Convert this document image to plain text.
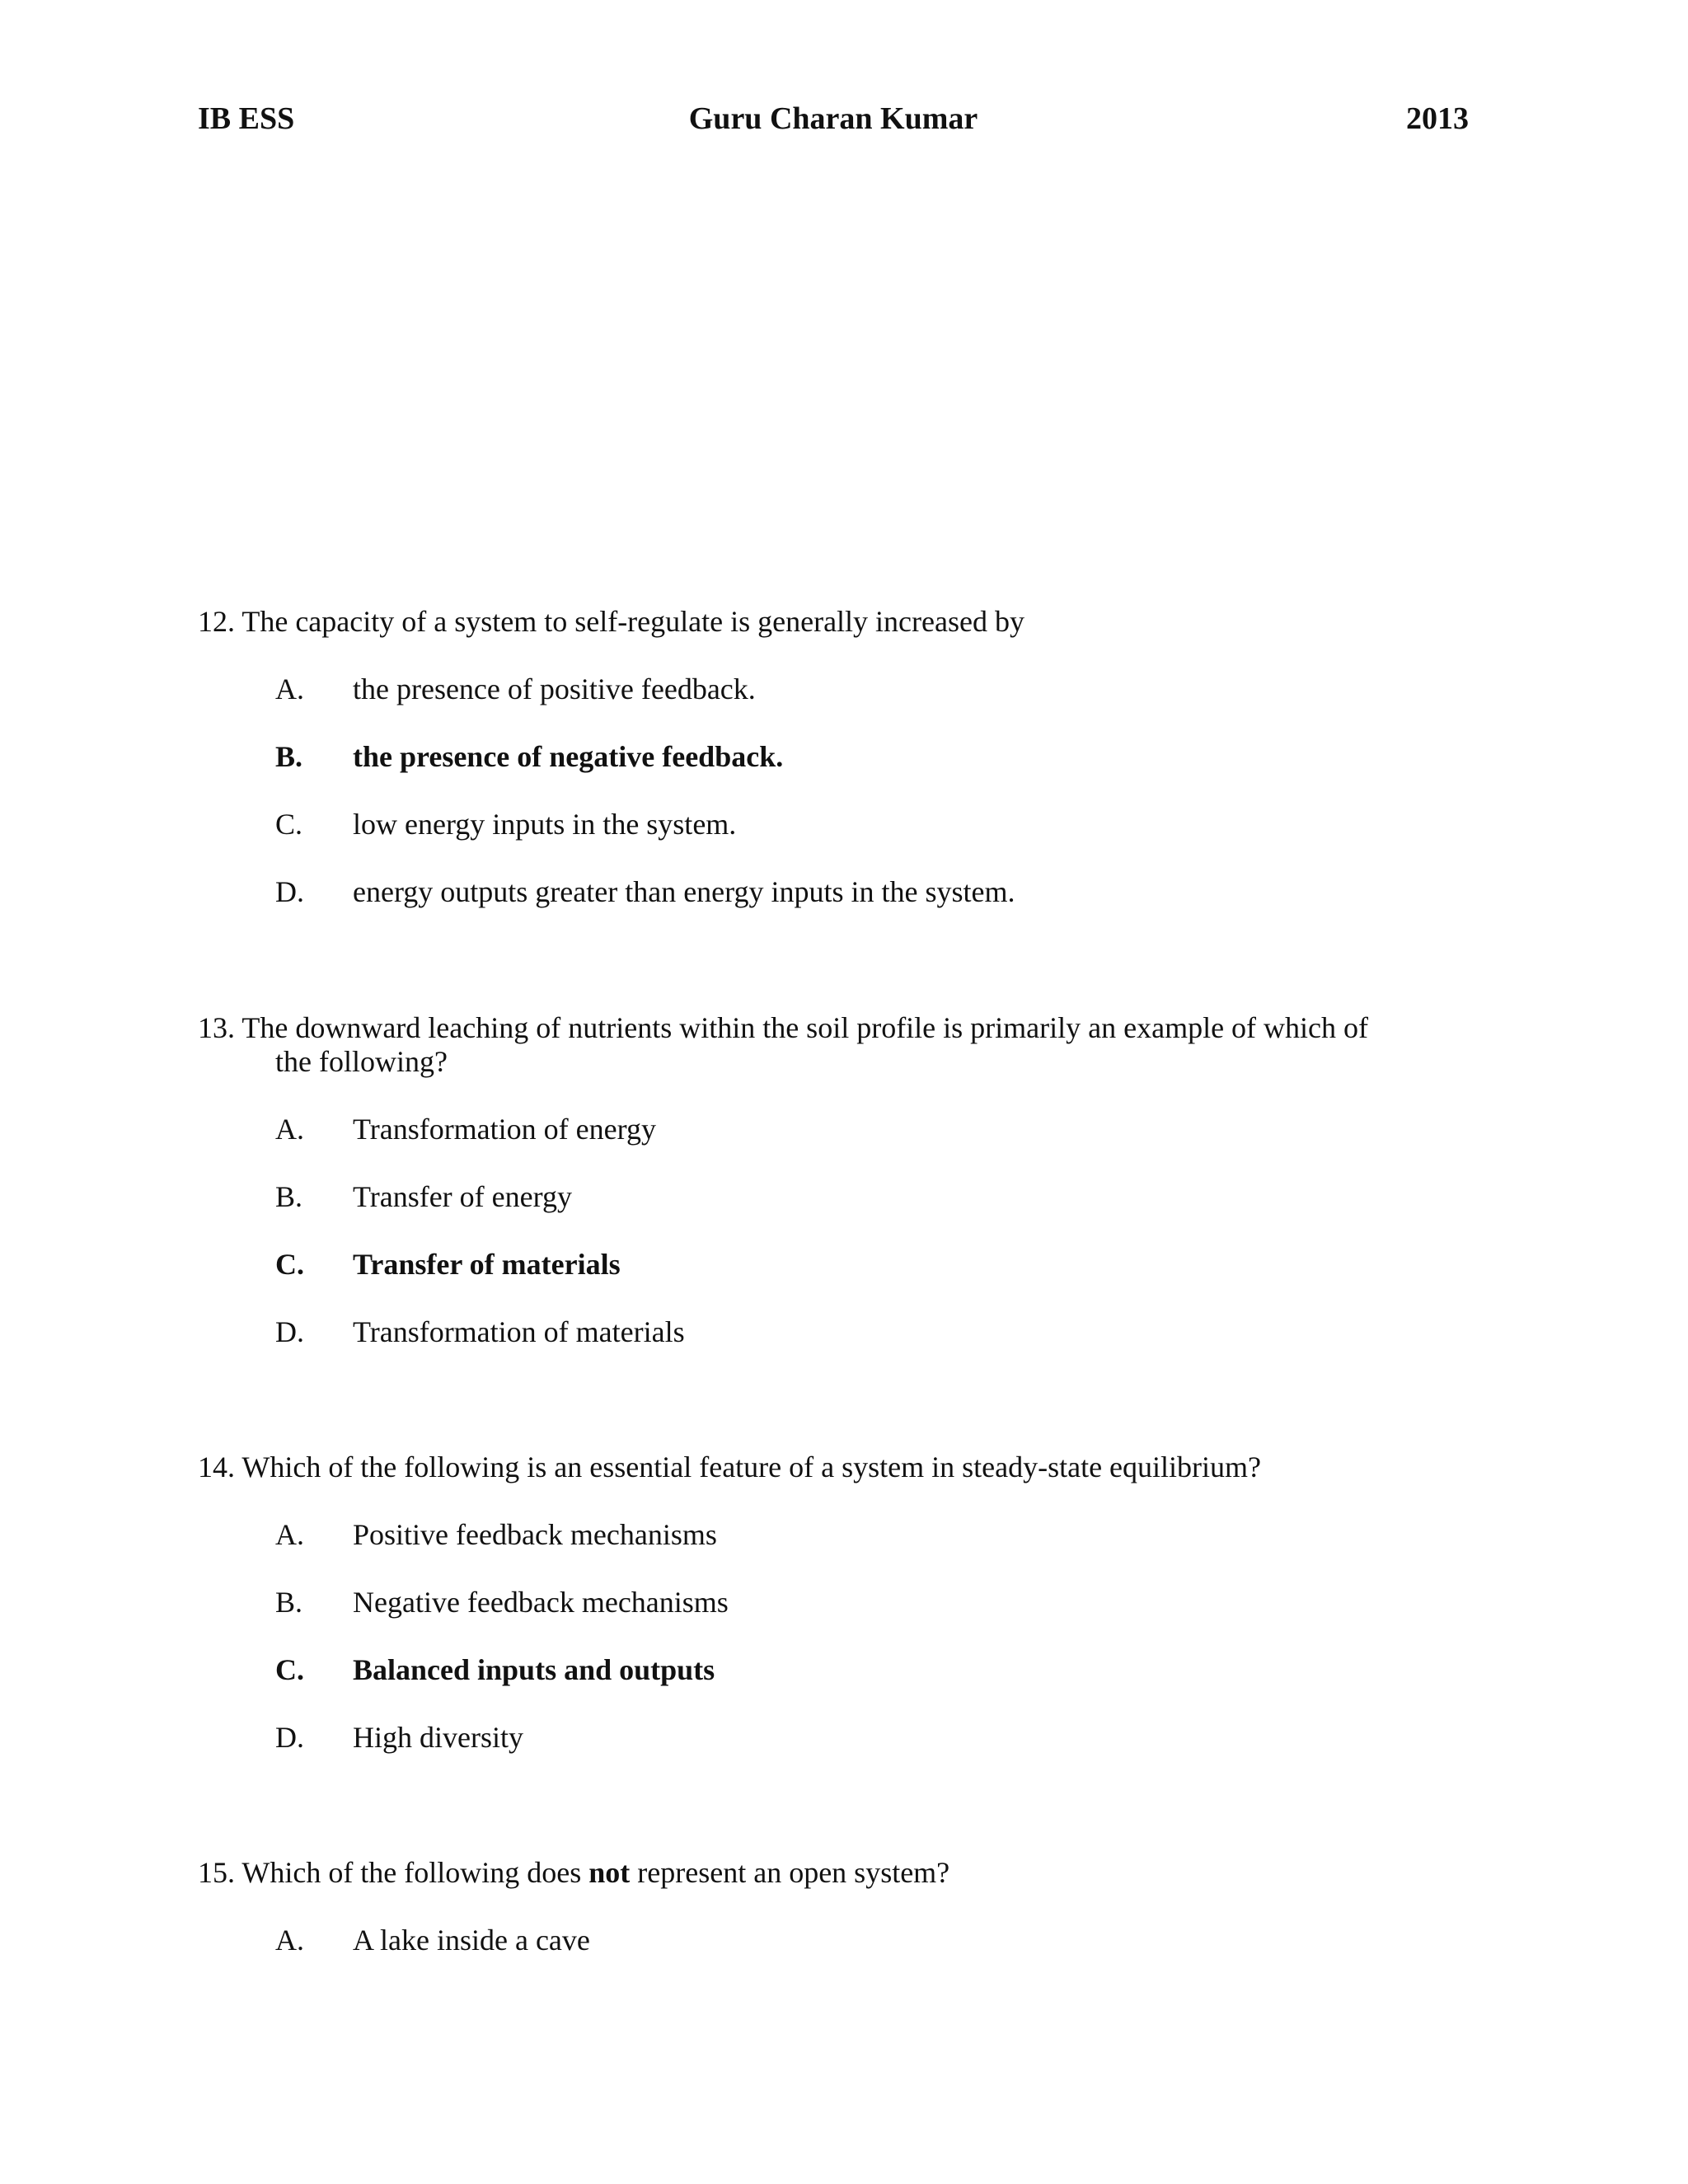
IB ESS	Guru Charan Kumar	2013

12. The capacity of a system to self-regulate is generally increased by

A. the presence of positive feedback.
B. the presence of negative feedback.
C. low energy inputs in the system.
D. energy outputs greater than energy inputs in the system.

13. The downward leaching of nutrients within the soil profile is primarily an example of which of

the following?

A. Transformation of energy
B. Transfer of energy
C. Transfer of materials
D. Transformation of materials

14. Which of the following is an essential feature of a system in steady-state equilibrium?

A. Positive feedback mechanisms
B. Negative feedback mechanisms
C. Balanced inputs and outputs
D. High diversity

15. Which of the following does not represent an open system?

A. A lake inside a cave
